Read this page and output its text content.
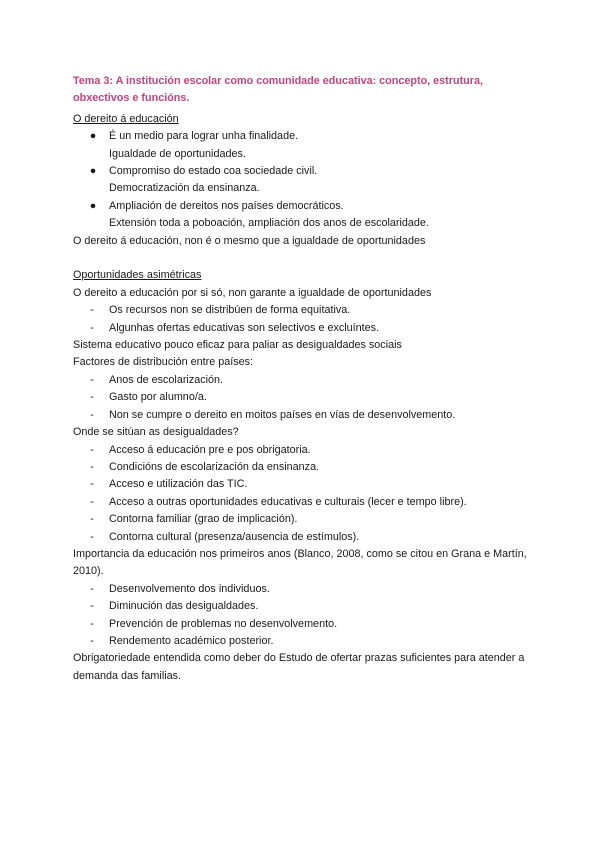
Tema 3: A institución escolar como comunidade educativa: concepto, estrutura, obxectivos e funcións.

O dereito á educación

● É un medio para lograr unha finalidade.
Igualdade de oportunidades.
● Compromiso do estado coa sociedade civil.
Democratización da ensinanza.
● Ampliación de dereitos nos países democráticos.
Extensión toda a poboación, ampliación dos anos de escolaridade.

O dereito á educación, non é o mesmo que a igualdade de oportunidades

Oportunidades asimétricas

O dereito a educación por si só, non garante a igualdade de oportunidades

- Os recursos non se distribúen de forma equitativa.
- Algunhas ofertas educativas son selectivos e excluíntes.

Sistema educativo pouco eficaz para paliar as desigualdades sociais

Factores de distribución entre países:

- Anos de escolarización.
- Gasto por alumno/a.
- Non se cumpre o dereito en moitos países en vías de desenvolvemento.

Onde se sitúan as desigualdades?

- Acceso á educación pre e pos obrigatoria.
- Condicións de escolarización da ensinanza.
- Acceso e utilización das TIC.
- Acceso a outras oportunidades educativas e culturais (lecer e tempo libre).
- Contorna familiar (grao de implicación).
- Contorna cultural (presenza/ausencia de estímulos).

Importancia da educación nos primeiros anos (Blanco, 2008, como se citou en Grana e Martín, 2010).

- Desenvolvemento dos individuos.
- Diminución das desigualdades.
- Prevención de problemas no desenvolvemento.
- Rendemento académico posterior.

Obrigatoriedade entendida como deber do Estudo de ofertar prazas suficientes para atender a demanda das familias.
